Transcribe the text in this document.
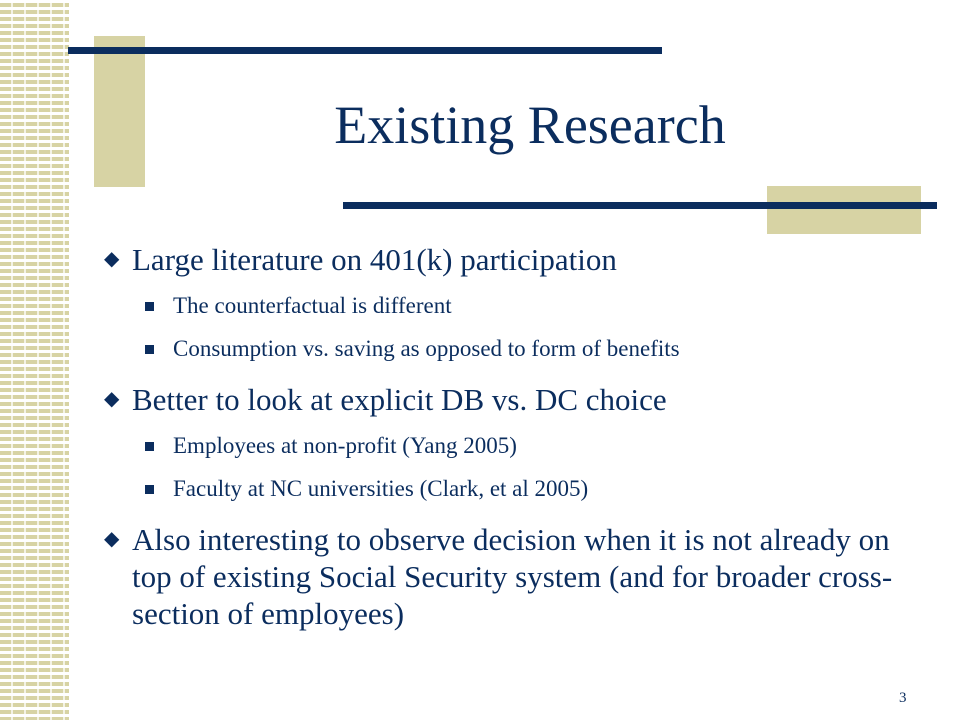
Existing Research
◆ Large literature on 401(k) participation
The counterfactual is different
Consumption vs. saving as opposed to form of benefits
◆ Better to look at explicit DB vs. DC choice
Employees at non-profit (Yang 2005)
Faculty at NC universities (Clark, et al 2005)
◆ Also interesting to observe decision when it is not already on top of existing Social Security system (and for broader cross-section of employees)
3
